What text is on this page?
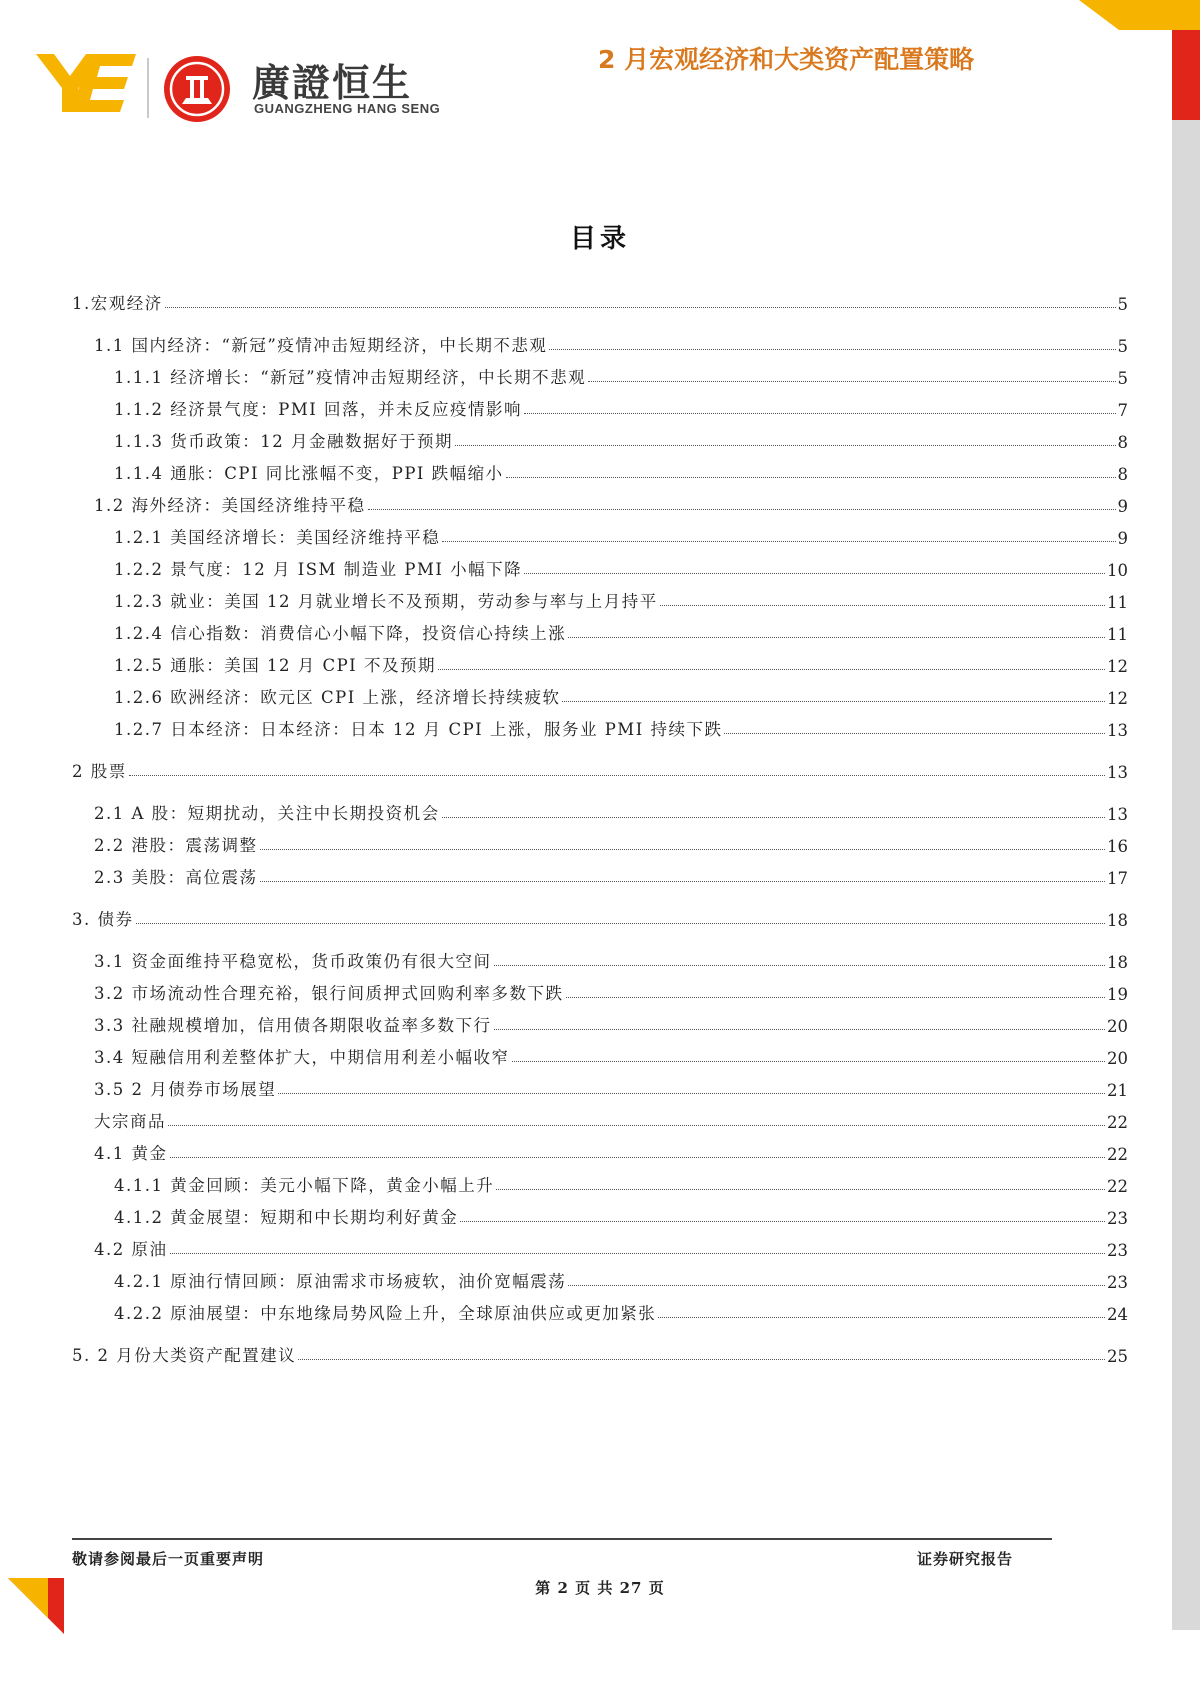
廣證恒生
GUANGZHENG HANG SENG
2 月宏观经济和大类资产配置策略
目录
1.宏观经济	5
1.1 国内经济：“新冠”疫情冲击短期经济，中长期不悲观	5
1.1.1 经济增长：“新冠”疫情冲击短期经济，中长期不悲观	5
1.1.2 经济景气度：PMI 回落，并未反应疫情影响	7
1.1.3 货币政策：12 月金融数据好于预期	8
1.1.4 通胀：CPI 同比涨幅不变，PPI 跌幅缩小	8
1.2 海外经济：美国经济维持平稳	9
1.2.1 美国经济增长：美国经济维持平稳	9
1.2.2 景气度：12 月 ISM 制造业 PMI 小幅下降	10
1.2.3 就业：美国 12 月就业增长不及预期，劳动参与率与上月持平	11
1.2.4 信心指数：消费信心小幅下降，投资信心持续上涨	11
1.2.5 通胀：美国 12 月 CPI 不及预期	12
1.2.6 欧洲经济：欧元区 CPI 上涨，经济增长持续疲软	12
1.2.7 日本经济：日本经济：日本 12 月 CPI 上涨，服务业 PMI 持续下跌	13
2 股票	13
2.1 A 股：短期扰动，关注中长期投资机会	13
2.2 港股：震荡调整	16
2.3 美股：高位震荡	17
3. 债券	18
3.1 资金面维持平稳宽松，货币政策仍有很大空间	18
3.2 市场流动性合理充裕，银行间质押式回购利率多数下跌	19
3.3 社融规模增加，信用债各期限收益率多数下行	20
3.4 短融信用利差整体扩大，中期信用利差小幅收窄	20
3.5 2 月债券市场展望	21
大宗商品	22
4.1 黄金	22
4.1.1 黄金回顾：美元小幅下降，黄金小幅上升	22
4.1.2 黄金展望：短期和中长期均利好黄金	23
4.2 原油	23
4.2.1 原油行情回顾：原油需求市场疲软，油价宽幅震荡	23
4.2.2 原油展望：中东地缘局势风险上升，全球原油供应或更加紧张	24
5. 2 月份大类资产配置建议	25
敬请参阅最后一页重要声明	证券研究报告
第 2 页 共 27 页
